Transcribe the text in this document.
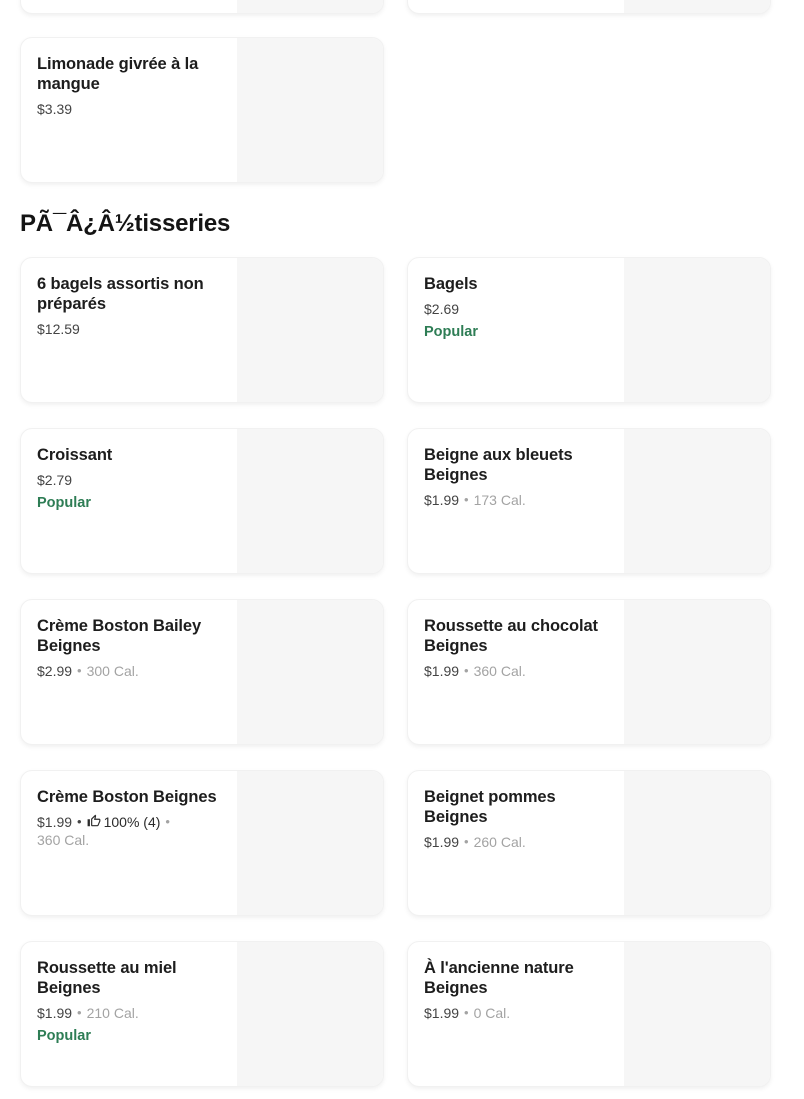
Limonade givrée à la mangue
$3.39
PÃ¯Â¿Â½tisseries
6 bagels assortis non préparés
$12.59
Bagels
$2.69
Popular
Croissant
$2.79
Popular
Beigne aux bleuets Beignes
$1.99 • 173 Cal.
Crème Boston Bailey Beignes
$2.99 • 300 Cal.
Roussette au chocolat Beignes
$1.99 • 360 Cal.
Crème Boston Beignes
$1.99 • 100% (4) •
360 Cal.
Beignet pommes Beignes
$1.99 • 260 Cal.
Roussette au miel Beignes
$1.99 • 210 Cal.
Popular
À l'ancienne nature Beignes
$1.99 • 0 Cal.
